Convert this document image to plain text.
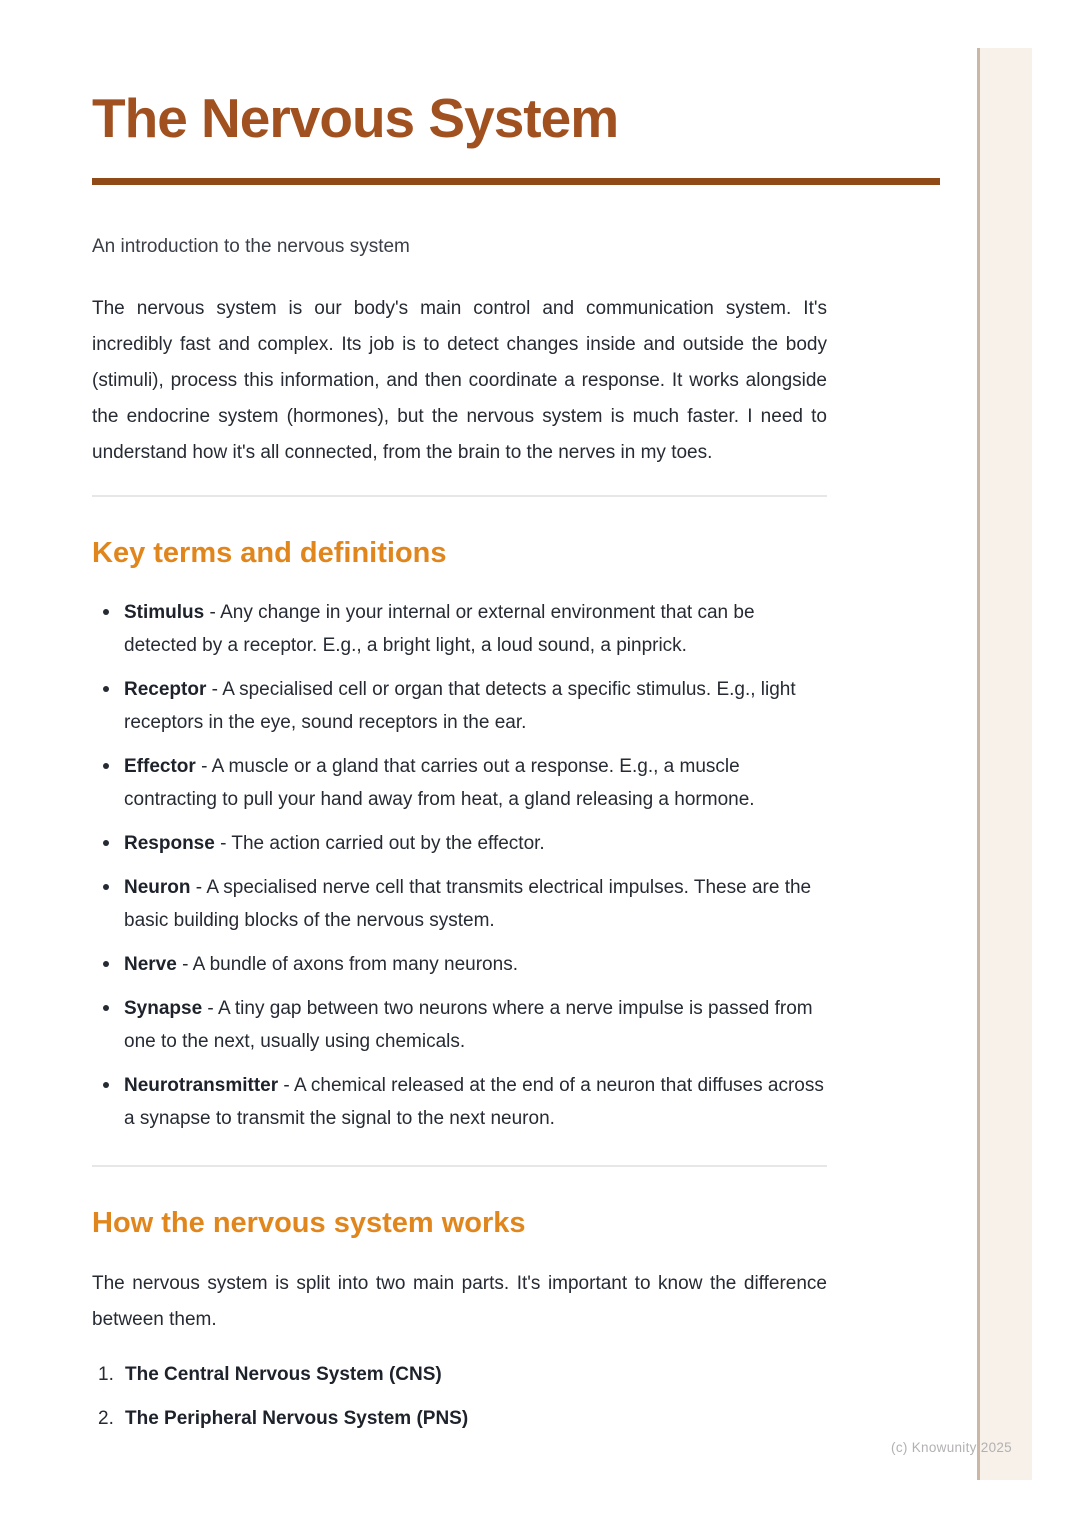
The Nervous System

An introduction to the nervous system

The nervous system is our body's main control and communication system. It's incredibly fast and complex. Its job is to detect changes inside and outside the body (stimuli), process this information, and then coordinate a response. It works alongside the endocrine system (hormones), but the nervous system is much faster. I need to understand how it's all connected, from the brain to the nerves in my toes.

Key terms and definitions
Stimulus - Any change in your internal or external environment that can be detected by a receptor. E.g., a bright light, a loud sound, a pinprick.
Receptor - A specialised cell or organ that detects a specific stimulus. E.g., light receptors in the eye, sound receptors in the ear.
Effector - A muscle or a gland that carries out a response. E.g., a muscle contracting to pull your hand away from heat, a gland releasing a hormone.
Response - The action carried out by the effector.
Neuron - A specialised nerve cell that transmits electrical impulses. These are the basic building blocks of the nervous system.
Nerve - A bundle of axons from many neurons.
Synapse - A tiny gap between two neurons where a nerve impulse is passed from one to the next, usually using chemicals.
Neurotransmitter - A chemical released at the end of a neuron that diffuses across a synapse to transmit the signal to the next neuron.
How the nervous system works

The nervous system is split into two main parts. It's important to know the difference between them.

The Central Nervous System (CNS)
The Peripheral Nervous System (PNS)
(c) Knowunity 2025
